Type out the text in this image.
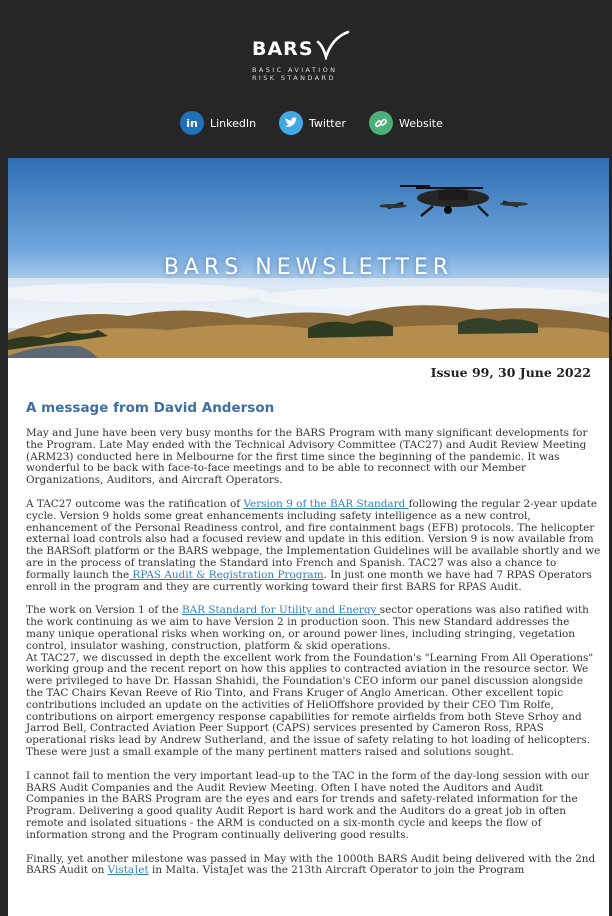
BARS
BASIC AVIATION
RISK STANDARD
in	LinkedIn	Twitter	Website
BARS NEWSLETTER
Issue 99, 30 June 2022
A message from David Anderson

May and June have been very busy months for the BARS Program with many significant developments for the Program. Late May ended with the Technical Advisory Committee (TAC27) and Audit Review Meeting (ARM23) conducted here in Melbourne for the first time since the beginning of the pandemic. It was wonderful to be back with face-to-face meetings and to be able to reconnect with our Member Organizations, Auditors, and Aircraft Operators.

A TAC27 outcome was the ratification of Version 9 of the BAR Standard following the regular 2-year update cycle. Version 9 holds some great enhancements including safety intelligence as a new control, enhancement of the Personal Readiness control, and fire containment bags (EFB) protocols. The helicopter external load controls also had a focused review and update in this edition. Version 9 is now available from the BARSoft platform or the BARS webpage, the Implementation Guidelines will be available shortly and we are in the process of translating the Standard into French and Spanish. TAC27 was also a chance to formally launch the RPAS Audit & Registration Program. In just one month we have had 7 RPAS Operators enroll in the program and they are currently working toward their first BARS for RPAS Audit.

The work on Version 1 of the BAR Standard for Utility and Energy sector operations was also ratified with the work continuing as we aim to have Version 2 in production soon. This new Standard addresses the many unique operational risks when working on, or around power lines, including stringing, vegetation control, insulator washing, construction, platform & skid operations.

At TAC27, we discussed in depth the excellent work from the Foundation's "Learning From All Operations" working group and the recent report on how this applies to contracted aviation in the resource sector. We were privileged to have Dr. Hassan Shahidi, the Foundation's CEO inform our panel discussion alongside the TAC Chairs Kevan Reeve of Rio Tinto, and Frans Kruger of Anglo American. Other excellent topic contributions included an update on the activities of HeliOffshore provided by their CEO Tim Rolfe, contributions on airport emergency response capabilities for remote airfields from both Steve Srhoy and Jarrod Bell, Contracted Aviation Peer Support (CAPS) services presented by Cameron Ross, RPAS operational risks lead by Andrew Sutherland, and the issue of safety relating to hot loading of helicopters. These were just a small example of the many pertinent matters raised and solutions sought.

I cannot fail to mention the very important lead-up to the TAC in the form of the day-long session with our BARS Audit Companies and the Audit Review Meeting. Often I have noted the Auditors and Audit Companies in the BARS Program are the eyes and ears for trends and safety-related information for the Program. Delivering a good quality Audit Report is hard work and the Auditors do a great job in often remote and isolated situations - the ARM is conducted on a six-month cycle and keeps the flow of information strong and the Program continually delivering good results.

Finally, yet another milestone was passed in May with the 1000th BARS Audit being delivered with the 2nd BARS Audit on VistaJet in Malta. VistaJet was the 213th Aircraft Operator to join the Program
